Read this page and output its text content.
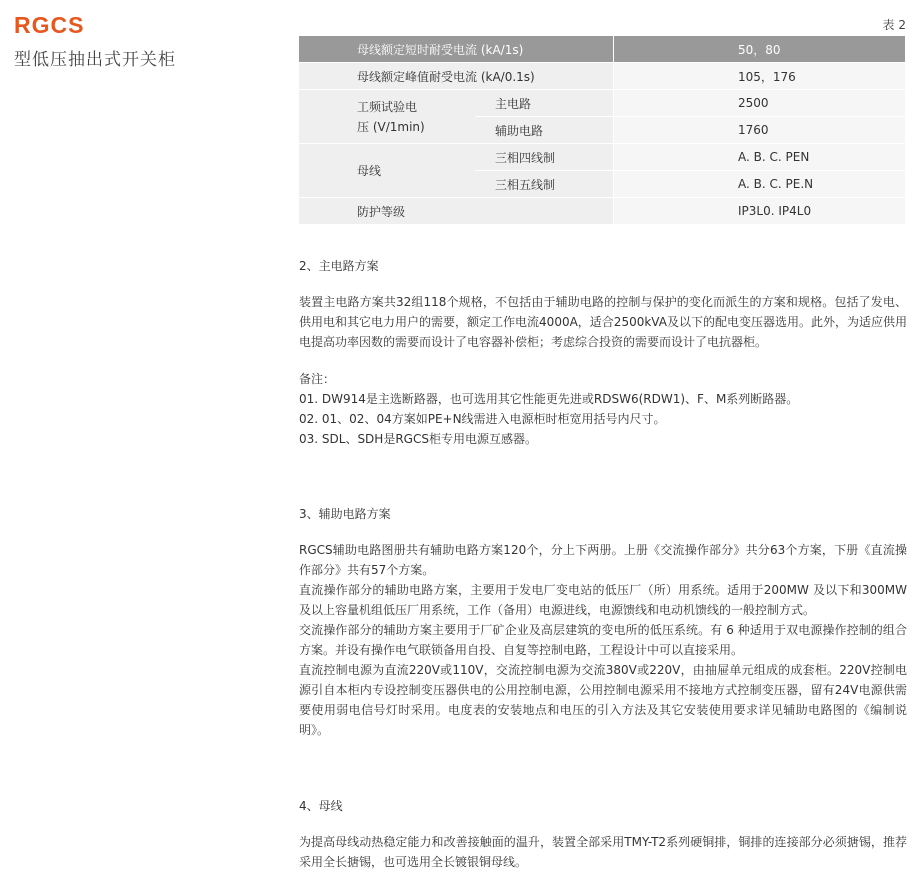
RGCS
型低压抽出式开关柜
表 2
母线额定短时耐受电流 (kA/1s)		50，80
母线额定峰值耐受电流 (kA/0.1s)		105，176
工频试验电
压 (V/1min)	主电路	2500
	辅助电路	1760
母线	三相四线制	A. B. C. PEN
	三相五线制	A. B. C. PE.N
防护等级		IP3L0. IP4L0

2、主电路方案

装置主电路方案共32组118个规格，不包括由于辅助电路的控制与保护的变化而派生的方案和规格。包括了发电、供用电和其它电力用户的需要，额定工作电流4000A，适合2500kVA及以下的配电变压器选用。此外，为适应供用电提高功率因数的需要而设计了电容器补偿柜；考虑综合投资的需要而设计了电抗器柜。

备注：

01. DW914是主选断路器，也可选用其它性能更先进或RDSW6(RDW1)、F、M系列断路器。

02. 01、02、04方案如PE+N线需进入电源柜时柜宽用括号内尺寸。

03. SDL、SDH是RGCS柜专用电源互感器。

3、辅助电路方案

RGCS辅助电路图册共有辅助电路方案120个，分上下两册。上册《交流操作部分》共分63个方案，下册《直流操作部分》共有57个方案。

直流操作部分的辅助电路方案，主要用于发电厂变电站的低压厂（所）用系统。适用于200MW 及以下和300MW及以上容量机组低压厂用系统，工作（备用）电源进线，电源馈线和电动机馈线的一般控制方式。

交流操作部分的辅助方案主要用于厂矿企业及高层建筑的变电所的低压系统。有 6 种适用于双电源操作控制的组合方案。并设有操作电气联锁备用自投、自复等控制电路，工程设计中可以直接采用。

直流控制电源为直流220V或110V，交流控制电源为交流380V或220V，由抽屉单元组成的成套柜。220V控制电源引自本柜内专设控制变压器供电的公用控制电源，公用控制电源采用不接地方式控制变压器，留有24V电源供需要使用弱电信号灯时采用。电度表的安装地点和电压的引入方法及其它安装使用要求详见辅助电路图的《编制说明》。

4、母线

为提高母线动热稳定能力和改善接触面的温升，装置全部采用TMY-T2系列硬铜排，铜排的连接部分必须搪锡，推荐采用全长搪锡，也可选用全长镀银铜母线。
